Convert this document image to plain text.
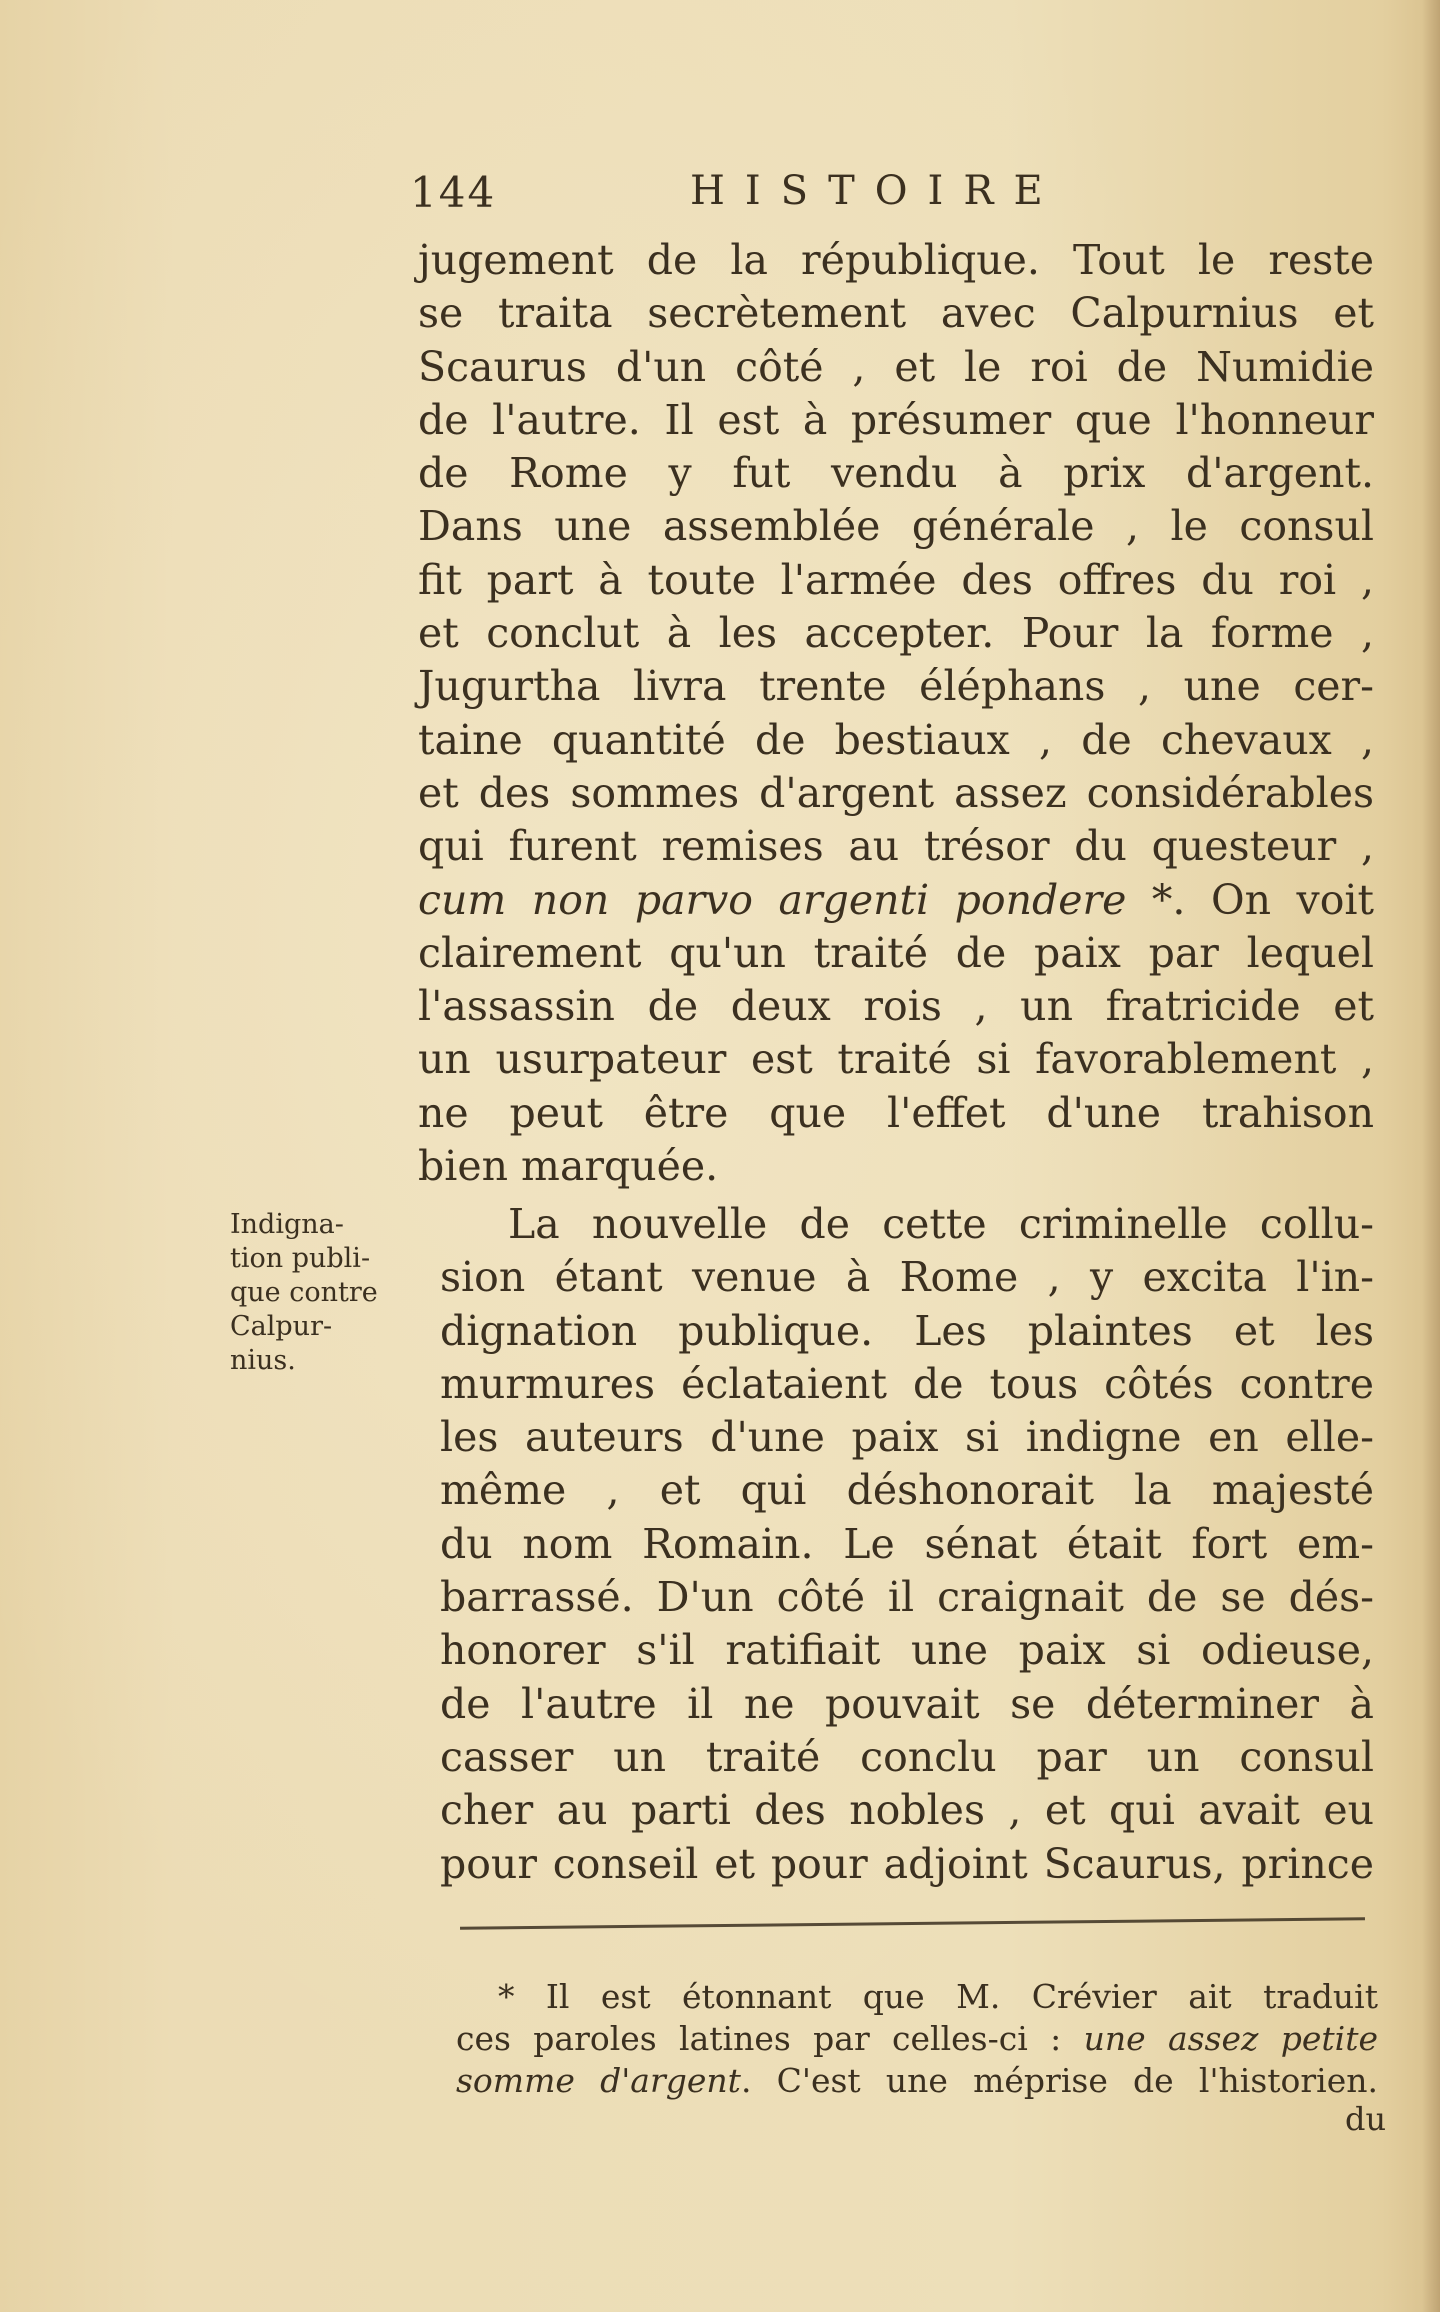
144	HISTOIRE
jugement de la république. Tout le reste
se traita secrètement avec Calpurnius et
Scaurus d'un côté , et le roi de Numidie
de l'autre. Il est à présumer que l'honneur
de Rome y fut vendu à prix d'argent.
Dans une assemblée générale , le consul
fit part à toute l'armée des offres du roi ,
et conclut à les accepter. Pour la forme ,
Jugurtha livra trente éléphans , une cer-
taine quantité de bestiaux , de chevaux ,
et des sommes d'argent assez considérables
qui furent remises au trésor du questeur ,
cum non parvo argenti pondere *. On voit
clairement qu'un traité de paix par lequel
l'assassin de deux rois , un fratricide et
un usurpateur est traité si favorablement ,
ne peut être que l'effet d'une trahison
bien marquée.
Indigna-
tion publi-
que contre
Calpur-
nius.
La nouvelle de cette criminelle collu-
sion étant venue à Rome , y excita l'in-
dignation publique. Les plaintes et les
murmures éclataient de tous côtés contre
les auteurs d'une paix si indigne en elle-
même , et qui déshonorait la majesté
du nom Romain. Le sénat était fort em-
barrassé. D'un côté il craignait de se dés-
honorer s'il ratifiait une paix si odieuse,
de l'autre il ne pouvait se déterminer à
casser un traité conclu par un consul
cher au parti des nobles , et qui avait eu
pour conseil et pour adjoint Scaurus, prince
* Il est étonnant que M. Crévier ait traduit
ces paroles latines par celles-ci : une assez petite
somme d'argent. C'est une méprise de l'historien.
du
